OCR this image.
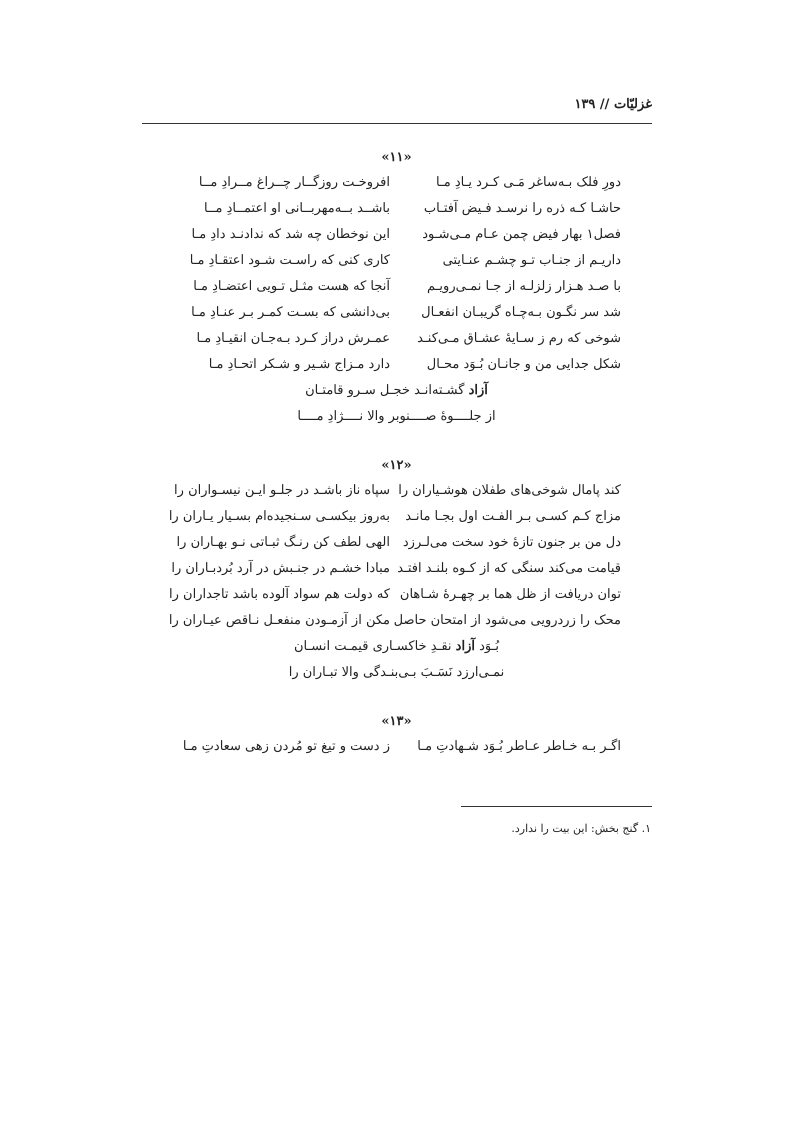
غزلیّات // ۱۳۹
«۱۱»
دورِ فلک بـه‌ساغر مَـی کـرد یـادِ مـا
افروخـت روزگــار چــراغ مــرادِ مــا
حاشـا کـه ذره را نرسـد فـیض آفتـاب
باشــد بــه‌مهربــانی او اعتمــادِ مــا
فصل۱ بهار فیض چمن عـام مـی‌شـود
این نوخطان چه شد که ندادنـد دادِ مـا
داریـم از جنـاب تـو چشـم عنـایتی
کاری کنی که راسـت شـود اعتقـادِ مـا
با صـد هـزار زلزلـه از جـا نمـی‌رویـم
آنجا که هست مثـل تـویی اعتضـادِ مـا
شد سر نگـون بـه‌چـاه گریبـان انفعـال
بی‌دانشی که بسـت کمـر بـر عنـادِ مـا
شوخی که رم ز سـایۀ عشـاق مـی‌کنـد
عمـرش دراز کـرد بـه‌جـان انقیـادِ مـا
شکل جدایی من و جانـان بُـوَد محـال
دارد مـزاج شـیر و شـکر اتحـادِ مـا
آزاد گشـته‌انـد خجـل سـرو قامتـان
از جلــــوۀ صــــنوبر والا نــــژادِ مــــا
«۱۲»
کند پامال شوخی‌های طفلان هوشـیاران را
سپاه ناز باشـد در جلـو ایـن نیسـواران را
مزاج کـم کسـی بـر الفـت اول بجـا مانـد
به‌روز بیکسـی سـنجیده‌ام بسـیار یـاران را
دل من بر جنون تازۀ خود سخت می‌لـرزد
الهی لطف کن رنـگ ثبـاتی نـو بهـاران را
قیامت می‌کند سنگی که از کـوه بلنـد افتـد
مبادا خشـم در جنـبش در آرد بُردبـاران را
توان دریافت از ظل هما بر چهـرۀ شـاهان
که دولت هم سواد آلوده باشد تاجداران را
محک را زردرویی می‌شود از امتحان حاصل
مکن از آزمـودن منفعـل نـاقص عیـاران را
بُـوَد آزاد نقـدِ خاکسـاری قیمـت انسـان
نمـی‌ارزد نَسَـبَ بـی‌بنـدگی والا تبـاران را
«۱۳»
اگـر بـه خـاطر عـاطر بُـوَد شـهادتِ مـا
ز دست و تیغ تو مُردن زهی سعادتِ مـا
۱. گنج بخش: این بیت را ندارد.
